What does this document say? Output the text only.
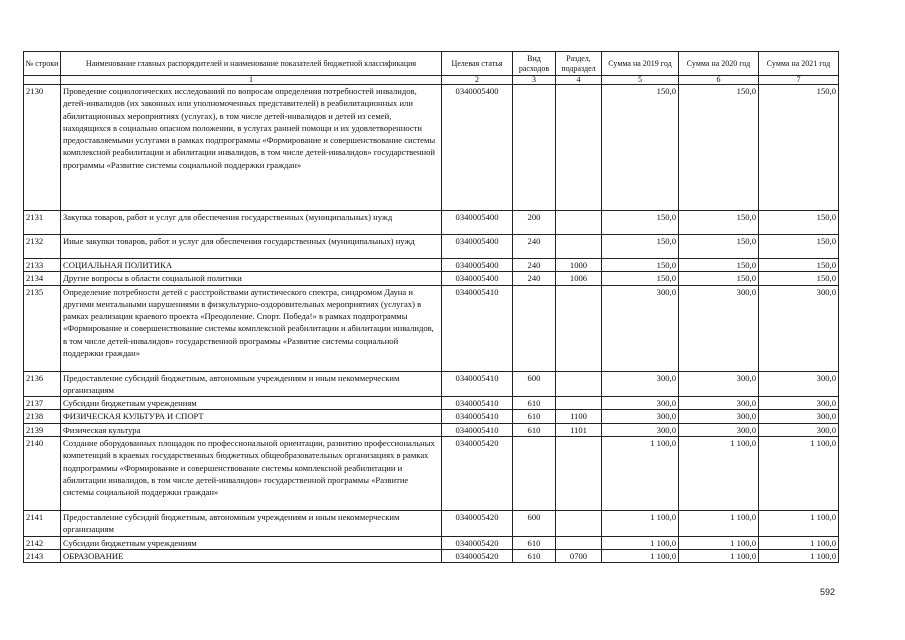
№ строки	Наименование главных распорядителей и наименование показателей бюджетной классификация	Целевая статья	Вид расходов	Раздел, подраздел	Сумма на 2019 год	Сумма на 2020 год	Сумма на 2021 год
	1	2	3	4	5	6	7
2130	Проведение социологических исследований по вопросам определения потребностей инвалидов, детей-инвалидов (их законных или уполномоченных представителей) в реабилитационных или абилитационных мероприятиях (услугах), в том числе детей-инвалидов и детей из семей, находящихся в социально опасном положении, в услугах ранней помощи и их удовлетворенности предоставляемыми услугами в рамках подпрограммы «Формирование и совершенствование системы комплексной реабилитации и абилитации инвалидов, в том числе детей-инвалидов» государственной программы «Развитие системы социальной поддержки граждан»	0340005400			150,0	150,0	150,0
2131	Закупка товаров, работ и услуг для обеспечения государственных (муниципальных) нужд	0340005400	200		150,0	150,0	150,0
2132	Иные закупки товаров, работ и услуг для обеспечения государственных (муниципальных) нужд	0340005400	240		150,0	150,0	150,0
2133	СОЦИАЛЬНАЯ ПОЛИТИКА	0340005400	240	1000	150,0	150,0	150,0
2134	Другие вопросы в области социальной политики	0340005400	240	1006	150,0	150,0	150,0
2135	Определение потребности детей с расстройствами аутистического спектра, синдромом Дауна и другими ментальными нарушениями в физкультурно-оздоровительных мероприятиях (услугах) в рамках реализации краевого проекта «Преодоление. Спорт. Победа!» в рамках подпрограммы «Формирование и совершенствование системы комплексной реабилитации и абилитации инвалидов, в том числе детей-инвалидов» государственной программы «Развитие системы социальной поддержки граждан»	0340005410			300,0	300,0	300,0
2136	Предоставление субсидий бюджетным, автономным учреждениям и иным некоммерческим организациям	0340005410	600		300,0	300,0	300,0
2137	Субсидии бюджетным учреждениям	0340005410	610		300,0	300,0	300,0
2138	ФИЗИЧЕСКАЯ КУЛЬТУРА И СПОРТ	0340005410	610	1100	300,0	300,0	300,0
2139	Физическая культура	0340005410	610	1101	300,0	300,0	300,0
2140	Создание оборудованных площадок по профессиональной ориентации, развитию профессиональных компетенций в краевых государственных бюджетных общеобразовательных организациях в рамках подпрограммы «Формирование и совершенствование системы комплексной реабилитации и абилитации инвалидов, в том числе детей-инвалидов» государственной программы «Развитие системы социальной поддержки граждан»	0340005420			1 100,0	1 100,0	1 100,0
2141	Предоставление субсидий бюджетным, автономным учреждениям и иным некоммерческим организациям	0340005420	600		1 100,0	1 100,0	1 100,0
2142	Субсидии бюджетным учреждениям	0340005420	610		1 100,0	1 100,0	1 100,0
2143	ОБРАЗОВАНИЕ	0340005420	610	0700	1 100,0	1 100,0	1 100,0
592
